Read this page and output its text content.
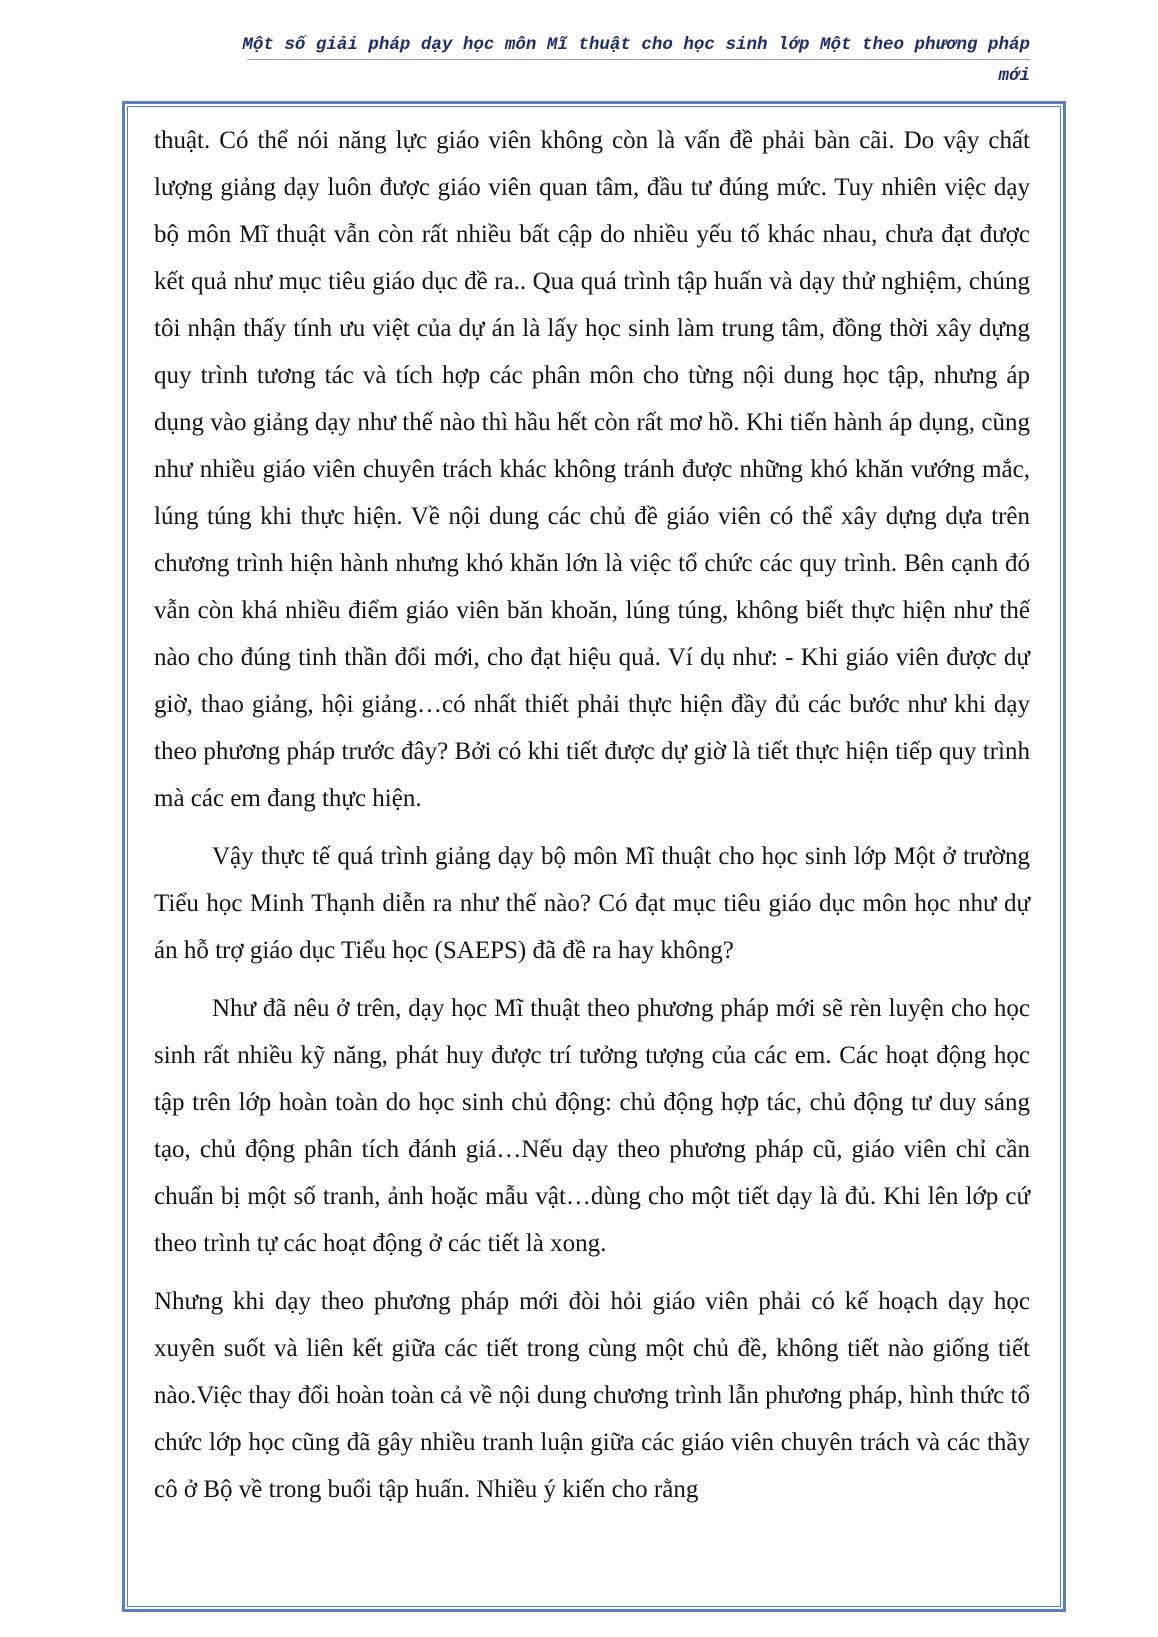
Một số giải pháp dạy học môn Mĩ thuật cho học sinh lớp Một theo phương pháp
mới

thuật. Có thể nói năng lực giáo viên không còn là vấn đề phải bàn cãi. Do vậy chất lượng giảng dạy luôn được giáo viên quan tâm, đầu tư đúng mức. Tuy nhiên việc dạy bộ môn Mĩ thuật vẫn còn rất nhiều bất cập do nhiều yếu tố khác nhau, chưa đạt được kết quả như mục tiêu giáo dục đề ra.. Qua quá trình tập huấn và dạy thử nghiệm, chúng tôi nhận thấy tính ưu việt của dự án là lấy học sinh làm trung tâm, đồng thời xây dựng quy trình tương tác và tích hợp các phân môn cho từng nội dung học tập, nhưng áp dụng vào giảng dạy như thế nào thì hầu hết còn rất mơ hồ. Khi tiến hành áp dụng, cũng như nhiều giáo viên chuyên trách khác không tránh được những khó khăn vướng mắc, lúng túng khi thực hiện. Về nội dung các chủ đề giáo viên có thể xây dựng dựa trên chương trình hiện hành nhưng khó khăn lớn là việc tổ chức các quy trình. Bên cạnh đó vẫn còn khá nhiều điểm giáo viên băn khoăn, lúng túng, không biết thực hiện như thế nào cho đúng tinh thần đổi mới, cho đạt hiệu quả. Ví dụ như: - Khi giáo viên được dự giờ, thao giảng, hội giảng…có nhất thiết phải thực hiện đầy đủ các bước như khi dạy theo phương pháp trước đây? Bởi có khi tiết được dự giờ là tiết thực hiện tiếp quy trình mà các em đang thực hiện.

Vậy thực tế quá trình giảng dạy bộ môn Mĩ thuật cho học sinh lớp Một ở trường Tiểu học Minh Thạnh diễn ra như thế nào? Có đạt mục tiêu giáo dục môn học như dự án hỗ trợ giáo dục Tiểu học (SAEPS) đã đề ra hay không?

Như đã nêu ở trên, dạy học Mĩ thuật theo phương pháp mới sẽ rèn luyện cho học sinh rất nhiều kỹ năng, phát huy được trí tưởng tượng của các em. Các hoạt động học tập trên lớp hoàn toàn do học sinh chủ động: chủ động hợp tác, chủ động tư duy sáng tạo, chủ động phân tích đánh giá…Nếu dạy theo phương pháp cũ, giáo viên chỉ cần chuẩn bị một số tranh, ảnh hoặc mẫu vật…dùng cho một tiết dạy là đủ. Khi lên lớp cứ theo trình tự các hoạt động ở các tiết là xong.

Nhưng khi dạy theo phương pháp mới đòi hỏi giáo viên phải có kế hoạch dạy học xuyên suốt và liên kết giữa các tiết trong cùng một chủ đề, không tiết nào giống tiết nào.Việc thay đổi hoàn toàn cả về nội dung chương trình lẫn phương pháp, hình thức tổ chức lớp học cũng đã gây nhiều tranh luận giữa các giáo viên chuyên trách và các thầy cô ở Bộ về trong buổi tập huấn. Nhiều ý kiến cho rằng
